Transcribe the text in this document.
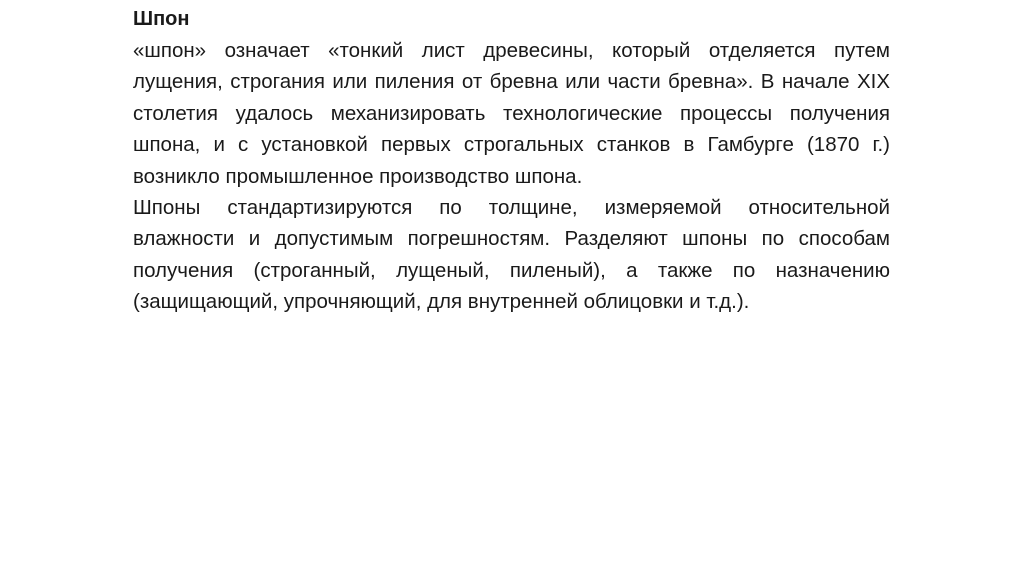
Шпон

«шпон» означает «тонкий лист древесины, который отделяется путем лущения, строгания или пиления от бревна или части бревна». В начале XIX столетия удалось механизировать технологические процессы получения шпона, и с установкой первых строгальных станков в Гамбурге (1870 г.) возникло промышленное производство шпона.

Шпоны стандартизируются по толщине, измеряемой относительной влажности и допустимым погрешностям. Разделяют шпоны по способам получения (строганный, лущеный, пиленый), а также по назначению (защищающий, упрочняющий, для внутренней облицовки и т.д.).
